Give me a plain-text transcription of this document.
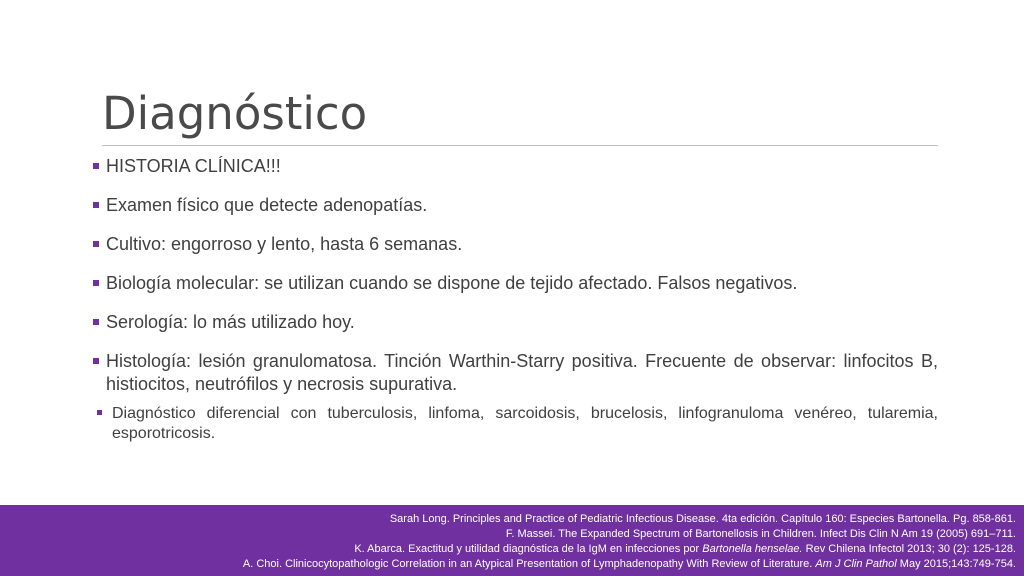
Diagnóstico

HISTORIA CLÍNICA!!!

Examen físico que detecte adenopatías.

Cultivo: engorroso y lento, hasta 6 semanas.

Biología molecular: se utilizan cuando se dispone de tejido afectado. Falsos negativos.

Serología: lo más utilizado hoy.

Histología: lesión granulomatosa. Tinción Warthin-Starry positiva. Frecuente de observar: linfocitos B, histiocitos, neutrófilos y necrosis supurativa.

Diagnóstico diferencial con tuberculosis, linfoma, sarcoidosis, brucelosis, linfogranuloma venéreo, tularemia, esporotricosis.

Sarah Long. Principles and Practice of Pediatric Infectious Disease. 4ta edición. Capítulo 160: Especies Bartonella. Pg. 858-861.
F. Massei. The Expanded Spectrum of Bartonellosis in Children. Infect Dis Clin N Am 19 (2005) 691–711.
K. Abarca. Exactitud y utilidad diagnóstica de la IgM en infecciones por Bartonella henselae. Rev Chilena Infectol 2013; 30 (2): 125-128.
A. Choi. Clinicocytopathologic Correlation in an Atypical Presentation of Lymphadenopathy With Review of Literature. Am J Clin Pathol May 2015;143:749-754.
